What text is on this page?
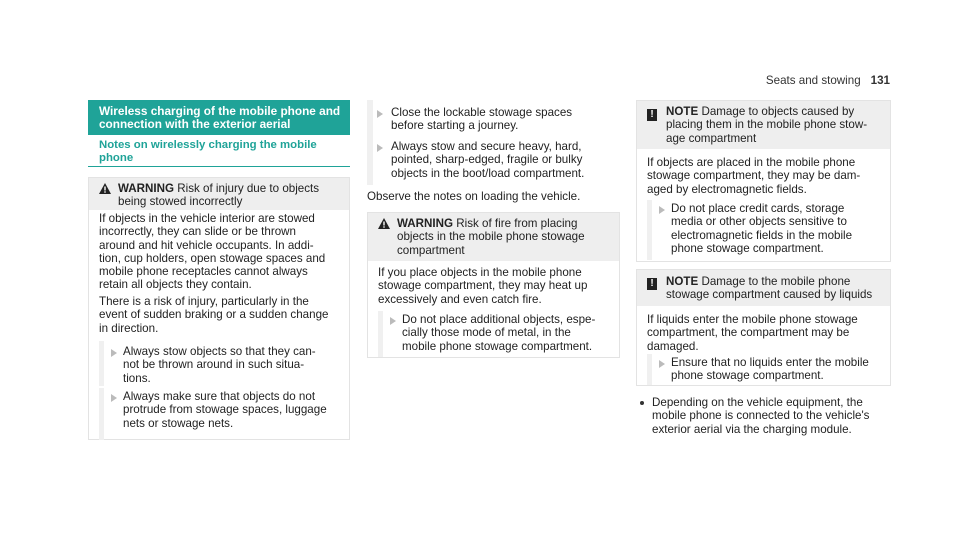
Seats and stowing 131

Wireless charging of the mobile phone and

connection with the exterior aerial

Notes on wirelessly charging the mobile

phone

WARNING Risk of injury due to objects

being stowed incorrectly

If objects in the vehicle interior are stowed

incorrectly, they can slide or be thrown

around and hit vehicle occupants. In addi-

tion, cup holders, open stowage spaces and

mobile phone receptacles cannot always

retain all objects they contain.

There is a risk of injury, particularly in the

event of sudden braking or a sudden change

in direction.

Always stow objects so that they can-

not be thrown around in such situa-

tions.

Always make sure that objects do not

protrude from stowage spaces, luggage

nets or stowage nets.

Close the lockable stowage spaces

before starting a journey.

Always stow and secure heavy, hard,

pointed, sharp-edged, fragile or bulky

objects in the boot/load compartment.

Observe the notes on loading the vehicle.

WARNING Risk of fire from placing

objects in the mobile phone stowage

compartment

If you place objects in the mobile phone

stowage compartment, they may heat up

excessively and even catch fire.

Do not place additional objects, espe-

cially those mode of metal, in the

mobile phone stowage compartment.

! NOTE Damage to objects caused by

placing them in the mobile phone stow-

age compartment

If objects are placed in the mobile phone

stowage compartment, they may be dam-

aged by electromagnetic fields.

Do not place credit cards, storage

media or other objects sensitive to

electromagnetic fields in the mobile

phone stowage compartment.

! NOTE Damage to the mobile phone

stowage compartment caused by liquids

If liquids enter the mobile phone stowage

compartment, the compartment may be

damaged.

Ensure that no liquids enter the mobile

phone stowage compartment.

Depending on the vehicle equipment, the

mobile phone is connected to the vehicle's

exterior aerial via the charging module.
